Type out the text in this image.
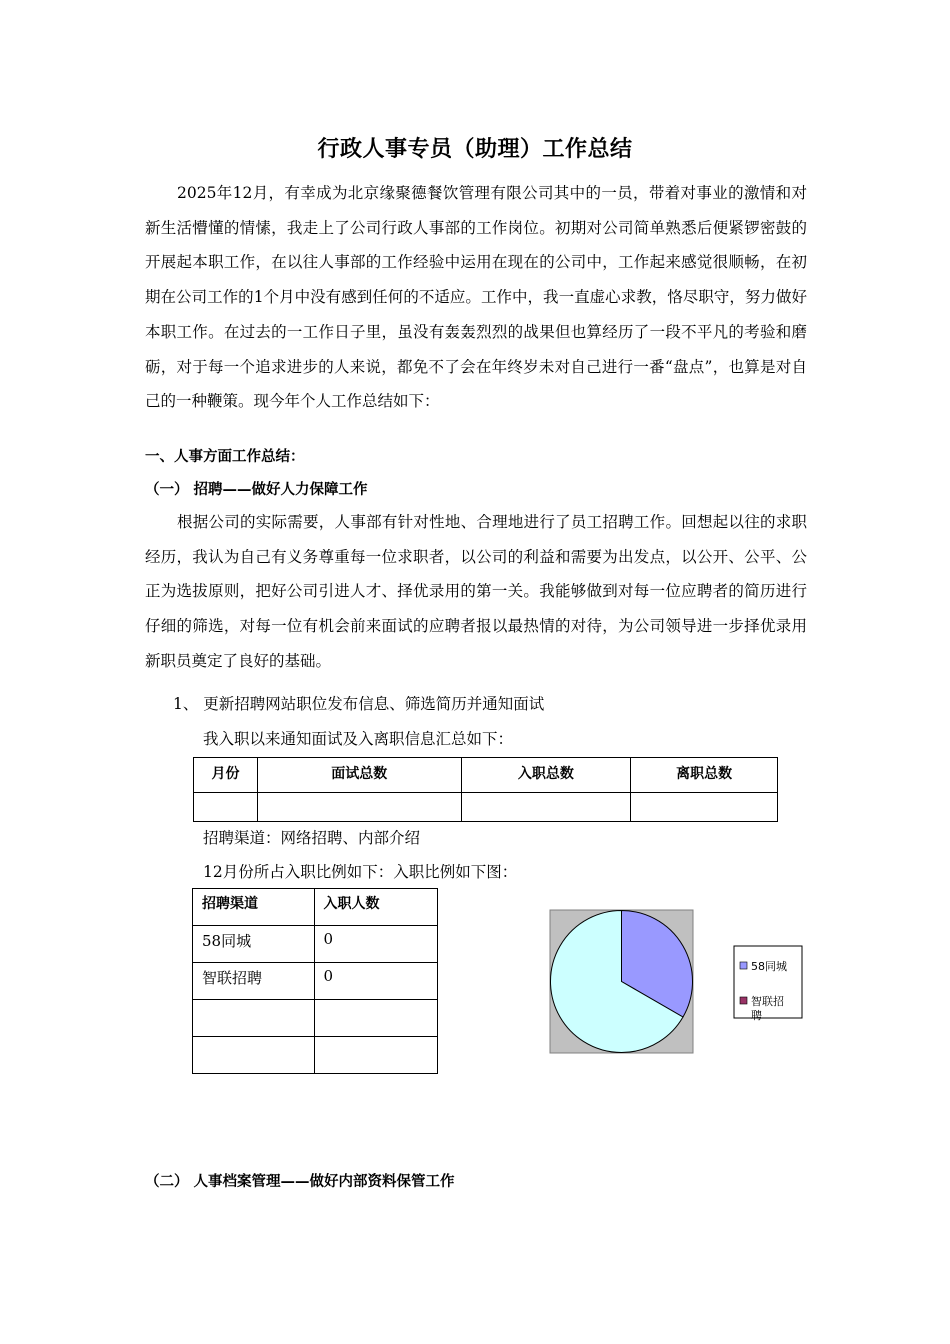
行政人事专员（助理）工作总结

2025年12月，有幸成为北京缘聚德餐饮管理有限公司其中的一员，带着对事业的激情和对新生活懵懂的情愫，我走上了公司行政人事部的工作岗位。初期对公司简单熟悉后便紧锣密鼓的开展起本职工作，在以往人事部的工作经验中运用在现在的公司中，工作起来感觉很顺畅，在初期在公司工作的1个月中没有感到任何的不适应。工作中，我一直虚心求教，恪尽职守，努力做好本职工作。在过去的一工作日子里，虽没有轰轰烈烈的战果但也算经历了一段不平凡的考验和磨砺，对于每一个追求进步的人来说，都免不了会在年终岁未对自己进行一番“盘点”，也算是对自己的一种鞭策。现今年个人工作总结如下：

一、人事方面工作总结：
（一） 招聘——做好人力保障工作

根据公司的实际需要，人事部有针对性地、合理地进行了员工招聘工作。回想起以往的求职经历，我认为自己有义务尊重每一位求职者，以公司的利益和需要为出发点，以公开、公平、公正为选拔原则，把好公司引进人才、择优录用的第一关。我能够做到对每一位应聘者的简历进行仔细的筛选，对每一位有机会前来面试的应聘者报以最热情的对待，为公司领导进一步择优录用新职员奠定了良好的基础。

1、 更新招聘网站职位发布信息、筛选简历并通知面试
我入职以来通知面试及入离职信息汇总如下：
月份	面试总数	入职总数	离职总数

招聘渠道：网络招聘、内部介绍
12月份所占入职比例如下：入职比例如下图：
招聘渠道	入职人数
58同城	0
智联招聘	0

58同城
智联招 聘
（二） 人事档案管理——做好内部资料保管工作
